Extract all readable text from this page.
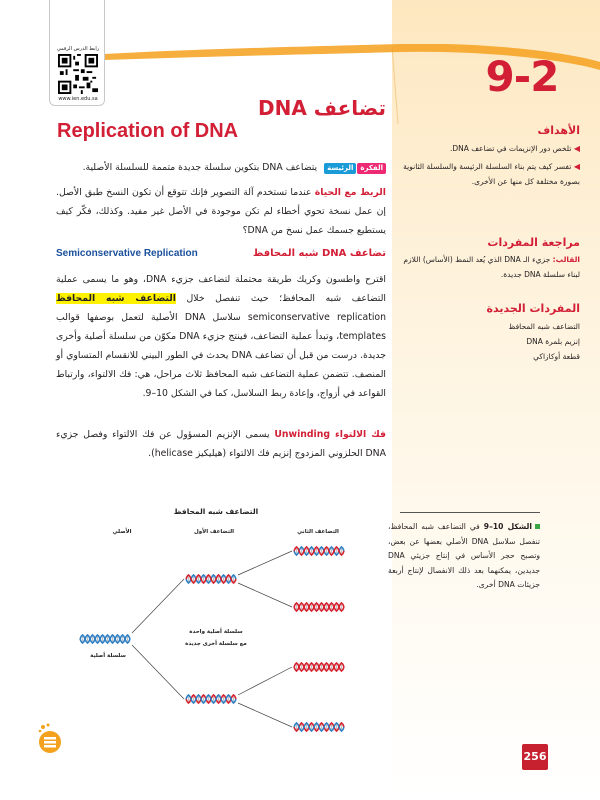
رابط الدرس الرقمي
www.ien.edu.sa	9-2
تضاعف DNA
Replication of DNA
الفكرةالرئيسة يتضاعف DNA بتكوين سلسلة جديدة متممة للسلسلة الأصلية.
الربط مع الحياة عندما تستخدم آلة التصوير فإنك تتوقع أن تكون النسخ طبق الأصل. إن عمل نسخة تحوي أخطاء لم تكن موجودة في الأصل غير مفيد. وكذلك، فكّر كيف يستطيع جسمك عمل نسخ من DNA؟
تضاعف DNA شبه المحافظ
Semiconservative Replication
اقترح واطسون وكريك طريقة محتملة لتضاعف جزيء DNA، وهو ما يسمى عملية التضاعف شبه المحافظ؛ حيث تنفصل خلال التضاعف شبه المحافظ semiconservative replication سلاسل DNA الأصلية لتعمل بوصفها قوالب templates، وتبدأ عملية التضاعف، فينتج جزيء DNA مكوّن من سلسلة أصلية وأخرى جديدة. درست من قبل أن تضاعف DNA يحدث في الطور البيني للانقسام المتساوي أو المنصف. تتضمن عملية التضاعف شبه المحافظ ثلاث مراحل، هي: فك الالتواء، وارتباط القواعد في أزواج، وإعادة ربط السلاسل، كما في الشكل 10–9.
فك الالتواء Unwinding يسمى الإنزيم المسؤول عن فك الالتواء وفصل جزيء DNA الحلزوني المزدوج إنزيم فك الالتواء (هيليكيز helicase).
الأهداف
◀ تلخص دور الإنزيمات في تضاعف DNA.
◀ تفسر كيف يتم بناء السلسلة الرئيسة والسلسلة الثانوية بصورة مختلفة كل منها عن الأخرى.
مراجعة المفردات
القالب: جزيء الـ DNA الذي يُعد النمط (الأساس) اللازم لبناء سلسلة DNA جديدة.
المفردات الجديدة
التضاعف شبه المحافظ
إنزيم بلمرة DNA
قطعة أوكازاكي
التضاعف شبه المحافظ
الأصلي	التضاعف الأول	التضاعف الثاني
سلسلة أصلية
سلسلة أصلية واحدة
مع سلسلة أخرى جديدة
الشكل 10–9 في التضاعف شبه المحافظ، تنفصل سلاسل DNA الأصلي بعضها عن بعض، وتصبح حجر الأساس في إنتاج جزيئي DNA جديدين، يمكنهما بعد ذلك الانفصال لإنتاج أربعة جزيئات DNA أخرى.
256
